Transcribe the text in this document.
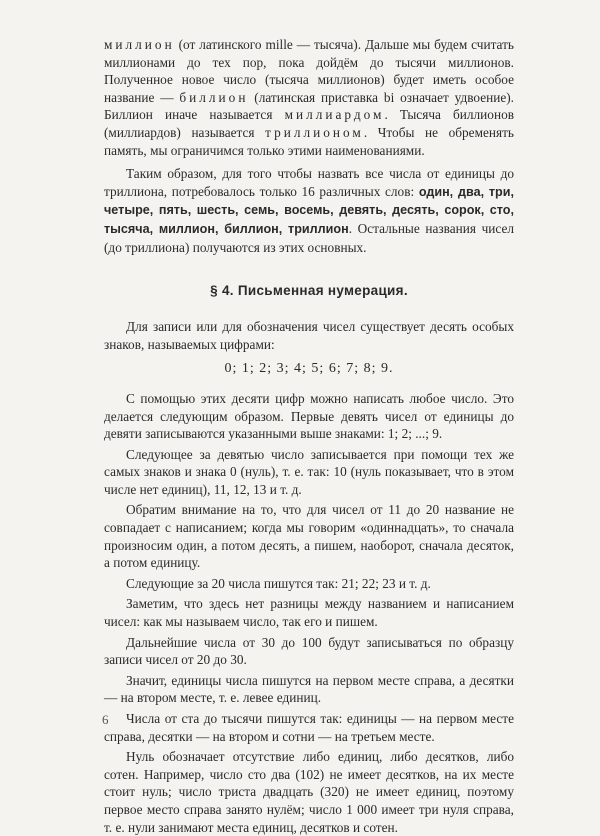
миллион (от латинского mille — тысяча). Дальше мы будем считать миллионами до тех пор, пока дойдём до тысячи миллионов. Полученное новое число (тысяча миллионов) будет иметь особое название — биллион (латинская приставка bi означает удвоение). Биллион иначе называется миллиардом. Тысяча биллионов (миллиардов) называется триллионом. Чтобы не обременять память, мы ограничимся только этими наименованиями.

Таким образом, для того чтобы назвать все числа от единицы до триллиона, потребовалось только 16 различных слов: один, два, три, четыре, пять, шесть, семь, восемь, девять, десять, сорок, сто, тысяча, миллион, биллион, триллион. Остальные названия чисел (до триллиона) получаются из этих основных.

§ 4. Письменная нумерация.

Для записи или для обозначения чисел существует десять особых знаков, называемых цифрами:

0; 1; 2; 3; 4; 5; 6; 7; 8; 9.

С помощью этих десяти цифр можно написать любое число. Это делается следующим образом. Первые девять чисел от единицы до девяти записываются указанными выше знаками: 1; 2; ...; 9.

Следующее за девятью число записывается при помощи тех же самых знаков и знака 0 (нуль), т. е. так: 10 (нуль показывает, что в этом числе нет единиц), 11, 12, 13 и т. д.

Обратим внимание на то, что для чисел от 11 до 20 название не совпадает с написанием; когда мы говорим «одиннадцать», то сначала произносим один, а потом десять, а пишем, наоборот, сначала десяток, а потом единицу.

Следующие за 20 числа пишутся так: 21; 22; 23 и т. д.

Заметим, что здесь нет разницы между названием и написанием чисел: как мы называем число, так его и пишем.

Дальнейшие числа от 30 до 100 будут записываться по образцу записи чисел от 20 до 30.

Значит, единицы числа пишутся на первом месте справа, а десятки — на втором месте, т. е. левее единиц.

Числа от ста до тысячи пишутся так: единицы — на первом месте справа, десятки — на втором и сотни — на третьем месте.

Нуль обозначает отсутствие либо единиц, либо десятков, либо сотен. Например, число сто два (102) не имеет десятков, на их месте стоит нуль; число триста двадцать (320) не имеет единиц, поэтому первое место справа занято нулём; число 1 000 имеет три нуля справа, т. е. нули занимают места единиц, десятков и сотен.

6
